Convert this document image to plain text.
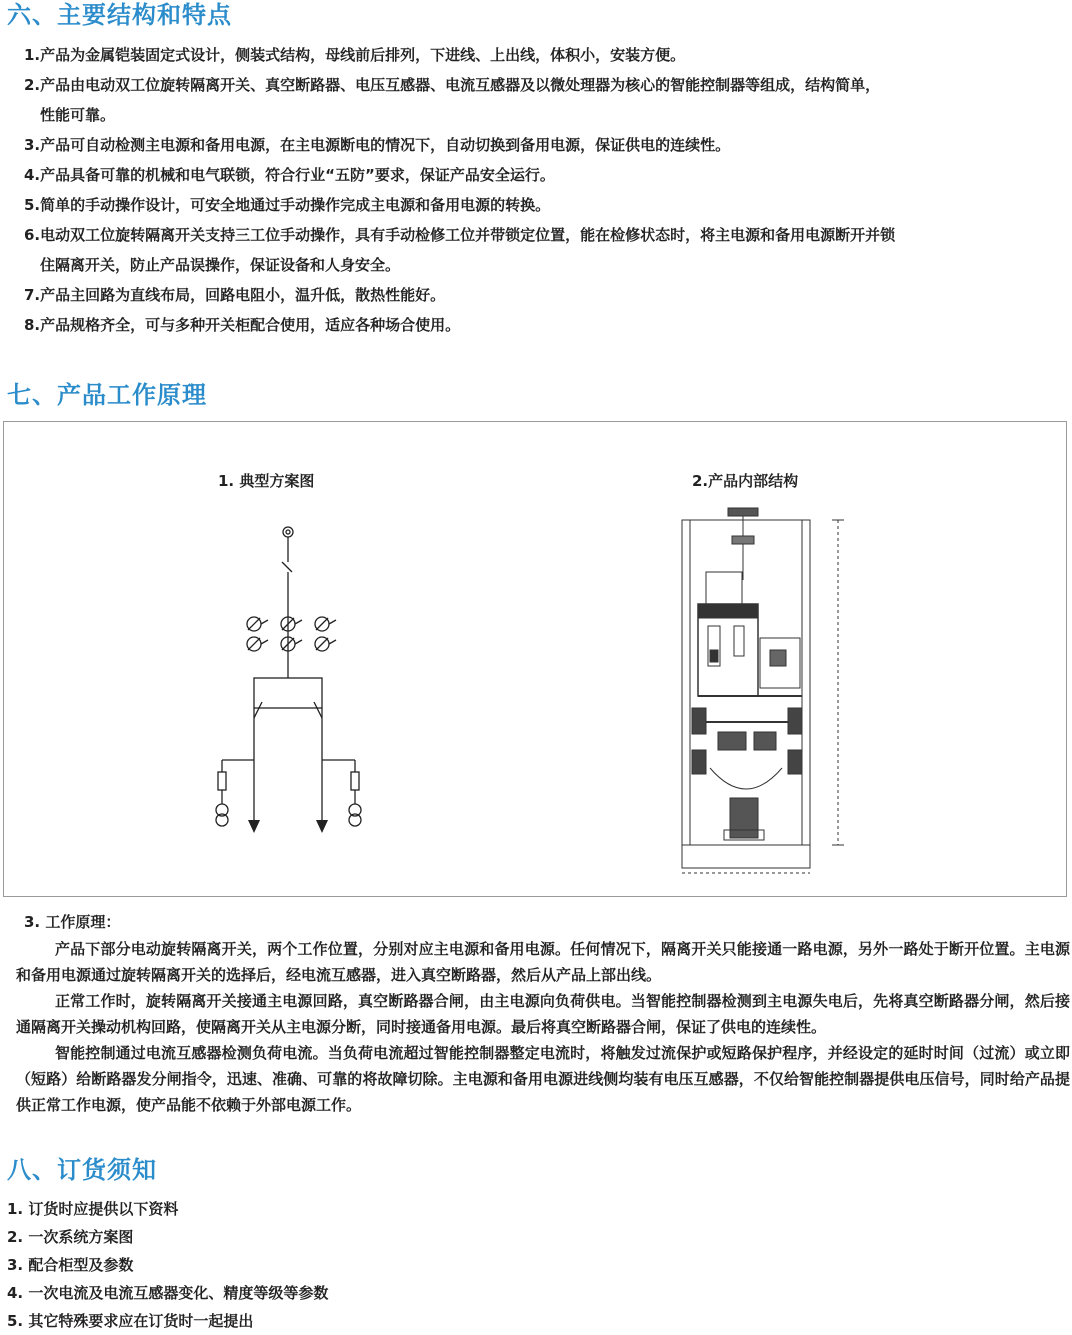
六、主要结构和特点
1.产品为金属铠装固定式设计，侧装式结构，母线前后排列，下进线、上出线，体积小，安装方便。
2.产品由电动双工位旋转隔离开关、真空断路器、电压互感器、电流互感器及以微处理器为核心的智能控制器等组成，结构简单，
性能可靠。
3.产品可自动检测主电源和备用电源，在主电源断电的情况下，自动切换到备用电源，保证供电的连续性。
4.产品具备可靠的机械和电气联锁，符合行业“五防”要求，保证产品安全运行。
5.简单的手动操作设计，可安全地通过手动操作完成主电源和备用电源的转换。
6.电动双工位旋转隔离开关支持三工位手动操作，具有手动检修工位并带锁定位置，能在检修状态时，将主电源和备用电源断开并锁
住隔离开关，防止产品误操作，保证设备和人身安全。
7.产品主回路为直线布局，回路电阻小，温升低，散热性能好。
8.产品规格齐全，可与多种开关柜配合使用，适应各种场合使用。
七、产品工作原理
1. 典型方案图	2.产品内部结构
3. 工作原理：

产品下部分电动旋转隔离开关，两个工作位置，分别对应主电源和备用电源。任何情况下，隔离开关只能接通一路电源，另外一路处于断开位置。主电源和备用电源通过旋转隔离开关的选择后，经电流互感器，进入真空断路器，然后从产品上部出线。

正常工作时，旋转隔离开关接通主电源回路，真空断路器合闸，由主电源向负荷供电。当智能控制器检测到主电源失电后，先将真空断路器分闸，然后接通隔离开关操动机构回路，使隔离开关从主电源分断，同时接通备用电源。最后将真空断路器合闸，保证了供电的连续性。

智能控制通过电流互感器检测负荷电流。当负荷电流超过智能控制器整定电流时，将触发过流保护或短路保护程序，并经设定的延时时间（过流）或立即（短路）给断路器发分闸指令，迅速、准确、可靠的将故障切除。主电源和备用电源进线侧均装有电压互感器，不仅给智能控制器提供电压信号，同时给产品提供正常工作电源，使产品能不依赖于外部电源工作。

八、订货须知
1. 订货时应提供以下资料
2. 一次系统方案图
3. 配合柜型及参数
4. 一次电流及电流互感器变化、精度等级等参数
5. 其它特殊要求应在订货时一起提出
